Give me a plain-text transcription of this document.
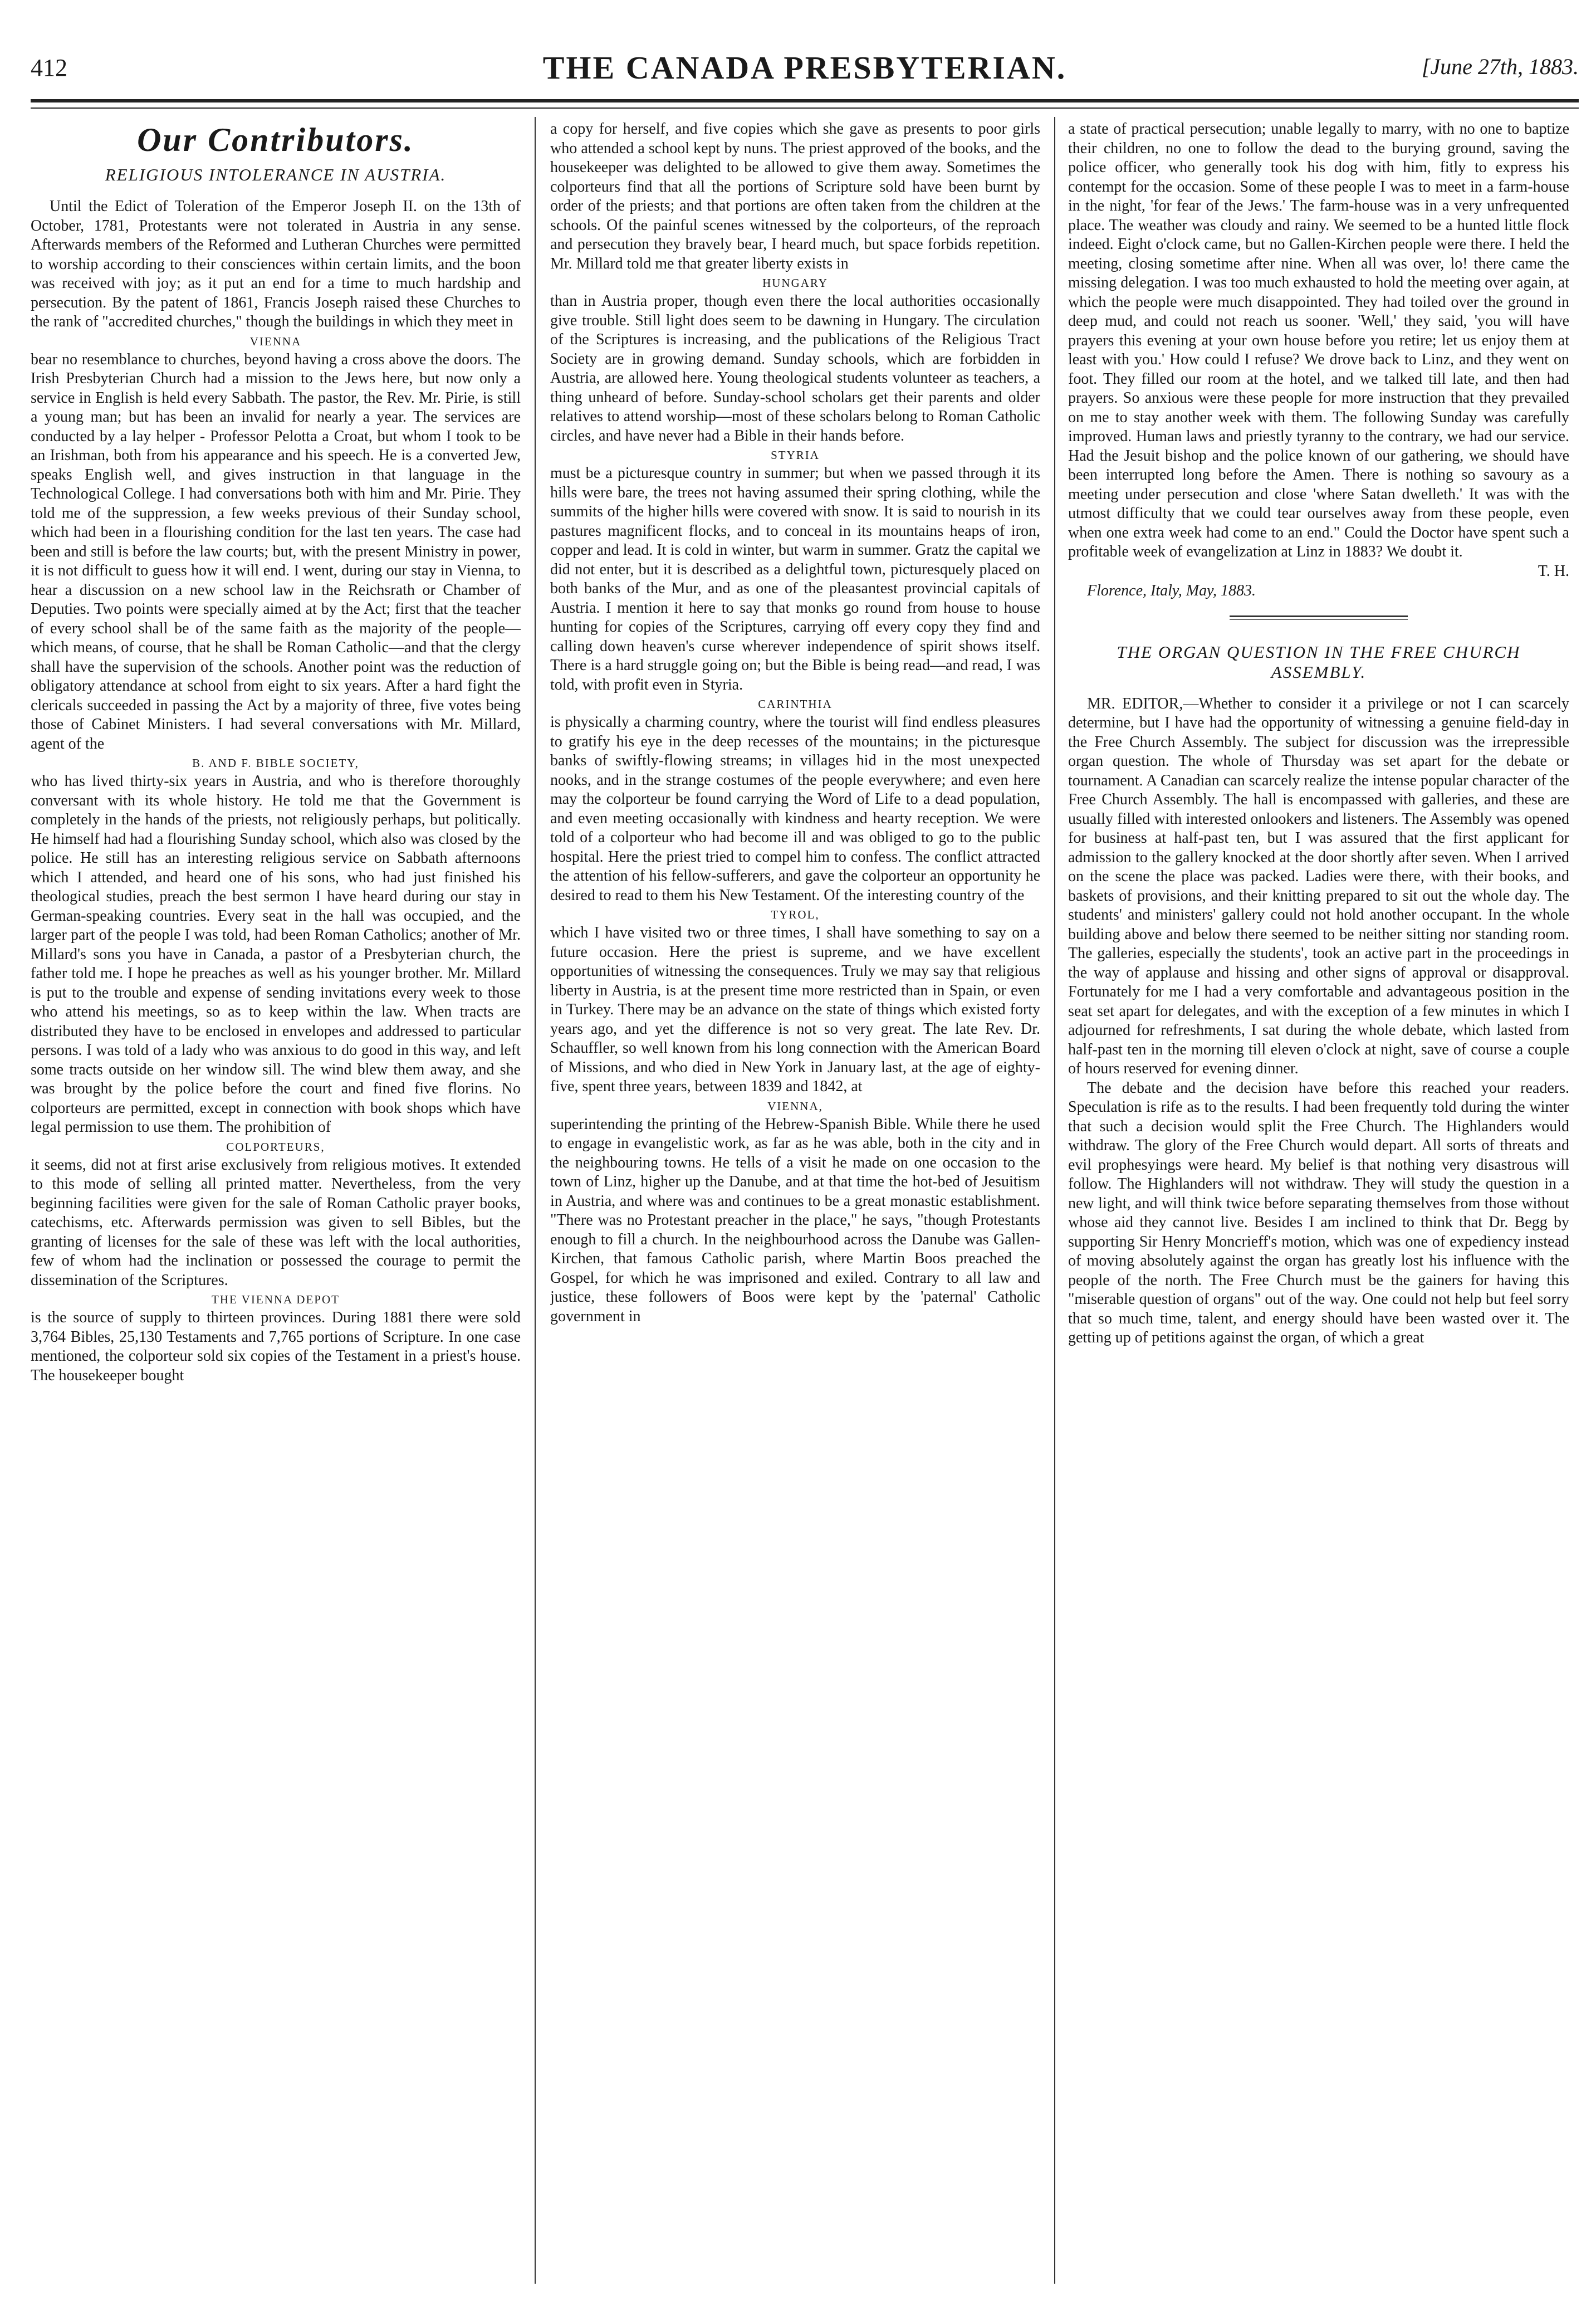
412	THE CANADA PRESBYTERIAN.	[June 27th, 1883.
Our Contributors.
RELIGIOUS INTOLERANCE IN AUSTRIA.

Until the Edict of Toleration of the Emperor Joseph II. on the 13th of October, 1781, Protestants were not tolerated in Austria in any sense. Afterwards members of the Reformed and Lutheran Churches were permitted to worship according to their consciences within certain limits, and the boon was received with joy; as it put an end for a time to much hardship and persecution. By the patent of 1861, Francis Joseph raised these Churches to the rank of "accredited churches," though the buildings in which they meet in

VIENNA

bear no resemblance to churches, beyond having a cross above the doors. The Irish Presbyterian Church had a mission to the Jews here, but now only a service in English is held every Sabbath. The pastor, the Rev. Mr. Pirie, is still a young man; but has been an invalid for nearly a year. The services are conducted by a lay helper - Professor Pelotta a Croat, but whom I took to be an Irishman, both from his appearance and his speech. He is a converted Jew, speaks English well, and gives instruction in that language in the Technological College. I had conversations both with him and Mr. Pirie. They told me of the suppression, a few weeks previous of their Sunday school, which had been in a flourishing condition for the last ten years. The case had been and still is before the law courts; but, with the present Ministry in power, it is not difficult to guess how it will end. I went, during our stay in Vienna, to hear a discussion on a new school law in the Reichsrath or Chamber of Deputies. Two points were specially aimed at by the Act; first that the teacher of every school shall be of the same faith as the majority of the people—which means, of course, that he shall be Roman Catholic—and that the clergy shall have the supervision of the schools. Another point was the reduction of obligatory attendance at school from eight to six years. After a hard fight the clericals succeeded in passing the Act by a majority of three, five votes being those of Cabinet Ministers. I had several conversations with Mr. Millard, agent of the

B. AND F. BIBLE SOCIETY,

who has lived thirty-six years in Austria, and who is therefore thoroughly conversant with its whole history. He told me that the Government is completely in the hands of the priests, not religiously perhaps, but politically. He himself had had a flourishing Sunday school, which also was closed by the police. He still has an interesting religious service on Sabbath afternoons which I attended, and heard one of his sons, who had just finished his theological studies, preach the best sermon I have heard during our stay in German-speaking countries. Every seat in the hall was occupied, and the larger part of the people I was told, had been Roman Catholics; another of Mr. Millard's sons you have in Canada, a pastor of a Presbyterian church, the father told me. I hope he preaches as well as his younger brother. Mr. Millard is put to the trouble and expense of sending invitations every week to those who attend his meetings, so as to keep within the law. When tracts are distributed they have to be enclosed in envelopes and addressed to particular persons. I was told of a lady who was anxious to do good in this way, and left some tracts outside on her window sill. The wind blew them away, and she was brought by the police before the court and fined five florins. No colporteurs are permitted, except in connection with book shops which have legal permission to use them. The prohibition of

COLPORTEURS,

it seems, did not at first arise exclusively from religious motives. It extended to this mode of selling all printed matter. Nevertheless, from the very beginning facilities were given for the sale of Roman Catholic prayer books, catechisms, etc. Afterwards permission was given to sell Bibles, but the granting of licenses for the sale of these was left with the local authorities, few of whom had the inclination or possessed the courage to permit the dissemination of the Scriptures.

THE VIENNA DEPOT

is the source of supply to thirteen provinces. During 1881 there were sold 3,764 Bibles, 25,130 Testaments and 7,765 portions of Scripture. In one case mentioned, the colporteur sold six copies of the Testament in a priest's house. The housekeeper bought

a copy for herself, and five copies which she gave as presents to poor girls who attended a school kept by nuns. The priest approved of the books, and the housekeeper was delighted to be allowed to give them away. Sometimes the colporteurs find that all the portions of Scripture sold have been burnt by order of the priests; and that portions are often taken from the children at the schools. Of the painful scenes witnessed by the colporteurs, of the reproach and persecution they bravely bear, I heard much, but space forbids repetition. Mr. Millard told me that greater liberty exists in

HUNGARY

than in Austria proper, though even there the local authorities occasionally give trouble. Still light does seem to be dawning in Hungary. The circulation of the Scriptures is increasing, and the publications of the Religious Tract Society are in growing demand. Sunday schools, which are forbidden in Austria, are allowed here. Young theological students volunteer as teachers, a thing unheard of before. Sunday-school scholars get their parents and older relatives to attend worship—most of these scholars belong to Roman Catholic circles, and have never had a Bible in their hands before.

STYRIA

must be a picturesque country in summer; but when we passed through it its hills were bare, the trees not having assumed their spring clothing, while the summits of the higher hills were covered with snow. It is said to nourish in its pastures magnificent flocks, and to conceal in its mountains heaps of iron, copper and lead. It is cold in winter, but warm in summer. Gratz the capital we did not enter, but it is described as a delightful town, picturesquely placed on both banks of the Mur, and as one of the pleasantest provincial capitals of Austria. I mention it here to say that monks go round from house to house hunting for copies of the Scriptures, carrying off every copy they find and calling down heaven's curse wherever independence of spirit shows itself. There is a hard struggle going on; but the Bible is being read—and read, I was told, with profit even in Styria.

CARINTHIA

is physically a charming country, where the tourist will find endless pleasures to gratify his eye in the deep recesses of the mountains; in the picturesque banks of swiftly-flowing streams; in villages hid in the most unexpected nooks, and in the strange costumes of the people everywhere; and even here may the colporteur be found carrying the Word of Life to a dead population, and even meeting occasionally with kindness and hearty reception. We were told of a colporteur who had become ill and was obliged to go to the public hospital. Here the priest tried to compel him to confess. The conflict attracted the attention of his fellow-sufferers, and gave the colporteur an opportunity he desired to read to them his New Testament. Of the interesting country of the

TYROL,

which I have visited two or three times, I shall have something to say on a future occasion. Here the priest is supreme, and we have excellent opportunities of witnessing the consequences. Truly we may say that religious liberty in Austria, is at the present time more restricted than in Spain, or even in Turkey. There may be an advance on the state of things which existed forty years ago, and yet the difference is not so very great. The late Rev. Dr. Schauffler, so well known from his long connection with the American Board of Missions, and who died in New York in January last, at the age of eighty-five, spent three years, between 1839 and 1842, at

VIENNA,

superintending the printing of the Hebrew-Spanish Bible. While there he used to engage in evangelistic work, as far as he was able, both in the city and in the neighbouring towns. He tells of a visit he made on one occasion to the town of Linz, higher up the Danube, and at that time the hot-bed of Jesuitism in Austria, and where was and continues to be a great monastic establishment. "There was no Protestant preacher in the place," he says, "though Protestants enough to fill a church. In the neighbourhood across the Danube was Gallen-Kirchen, that famous Catholic parish, where Martin Boos preached the Gospel, for which he was imprisoned and exiled. Contrary to all law and justice, these followers of Boos were kept by the 'paternal' Catholic government in

a state of practical persecution; unable legally to marry, with no one to baptize their children, no one to follow the dead to the burying ground, saving the police officer, who generally took his dog with him, fitly to express his contempt for the occasion. Some of these people I was to meet in a farm-house in the night, 'for fear of the Jews.' The farm-house was in a very unfrequented place. The weather was cloudy and rainy. We seemed to be a hunted little flock indeed. Eight o'clock came, but no Gallen-Kirchen people were there. I held the meeting, closing sometime after nine. When all was over, lo! there came the missing delegation. I was too much exhausted to hold the meeting over again, at which the people were much disappointed. They had toiled over the ground in deep mud, and could not reach us sooner. 'Well,' they said, 'you will have prayers this evening at your own house before you retire; let us enjoy them at least with you.' How could I refuse? We drove back to Linz, and they went on foot. They filled our room at the hotel, and we talked till late, and then had prayers. So anxious were these people for more instruction that they prevailed on me to stay another week with them. The following Sunday was carefully improved. Human laws and priestly tyranny to the contrary, we had our service. Had the Jesuit bishop and the police known of our gathering, we should have been interrupted long before the Amen. There is nothing so savoury as a meeting under persecution and close 'where Satan dwelleth.' It was with the utmost difficulty that we could tear ourselves away from these people, even when one extra week had come to an end." Could the Doctor have spent such a profitable week of evangelization at Linz in 1883? We doubt it.

T. H.
Florence, Italy, May, 1883.
THE ORGAN QUESTION IN THE FREE CHURCH ASSEMBLY.

MR. EDITOR,—Whether to consider it a privilege or not I can scarcely determine, but I have had the opportunity of witnessing a genuine field-day in the Free Church Assembly. The subject for discussion was the irrepressible organ question. The whole of Thursday was set apart for the debate or tournament. A Canadian can scarcely realize the intense popular character of the Free Church Assembly. The hall is encompassed with galleries, and these are usually filled with interested onlookers and listeners. The Assembly was opened for business at half-past ten, but I was assured that the first applicant for admission to the gallery knocked at the door shortly after seven. When I arrived on the scene the place was packed. Ladies were there, with their books, and baskets of provisions, and their knitting prepared to sit out the whole day. The students' and ministers' gallery could not hold another occupant. In the whole building above and below there seemed to be neither sitting nor standing room. The galleries, especially the students', took an active part in the proceedings in the way of applause and hissing and other signs of approval or disapproval. Fortunately for me I had a very comfortable and advantageous position in the seat set apart for delegates, and with the exception of a few minutes in which I adjourned for refreshments, I sat during the whole debate, which lasted from half-past ten in the morning till eleven o'clock at night, save of course a couple of hours reserved for evening dinner.

The debate and the decision have before this reached your readers. Speculation is rife as to the results. I had been frequently told during the winter that such a decision would split the Free Church. The Highlanders would withdraw. The glory of the Free Church would depart. All sorts of threats and evil prophesyings were heard. My belief is that nothing very disastrous will follow. The Highlanders will not withdraw. They will study the question in a new light, and will think twice before separating themselves from those without whose aid they cannot live. Besides I am inclined to think that Dr. Begg by supporting Sir Henry Moncrieff's motion, which was one of expediency instead of moving absolutely against the organ has greatly lost his influence with the people of the north. The Free Church must be the gainers for having this "miserable question of organs" out of the way. One could not help but feel sorry that so much time, talent, and energy should have been wasted over it. The getting up of petitions against the organ, of which a great
